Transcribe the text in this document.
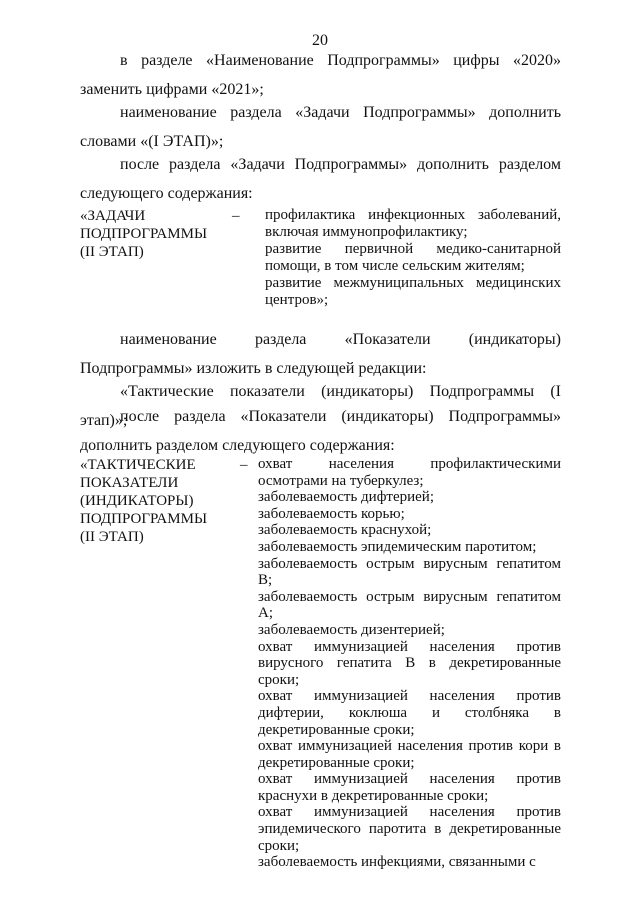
20

в разделе «Наименование Подпрограммы» цифры «2020» заменить цифрами «2021»;

наименование раздела «Задачи Подпрограммы» дополнить словами «(I ЭТАП)»;

после раздела «Задачи Подпрограммы» дополнить разделом следующего содержания:

«ЗАДАЧИ
ПОДПРОГРАММЫ
(II ЭТАП)
– профилактика инфекционных заболеваний, включая иммунопрофилактику;

развитие первичной медико-санитарной помощи, в том числе сельским жителям;

развитие межмуниципальных медицинских центров»;

наименование раздела «Показатели (индикаторы) Подпрограммы» изложить в следующей редакции:

«Тактические показатели (индикаторы) Подпрограммы (I этап)»;

после раздела «Показатели (индикаторы) Подпрограммы» дополнить разделом следующего содержания:

«ТАКТИЧЕСКИЕ
ПОКАЗАТЕЛИ
(ИНДИКАТОРЫ)
ПОДПРОГРАММЫ
(II ЭТАП)
– охват населения профилактическими осмотрами на туберкулез;

заболеваемость дифтерией;

заболеваемость корью;

заболеваемость краснухой;

заболеваемость эпидемическим паротитом;

заболеваемость острым вирусным гепатитом В;

заболеваемость острым вирусным гепатитом А;

заболеваемость дизентерией;

охват иммунизацией населения против вирусного гепатита В в декретированные сроки;

охват иммунизацией населения против дифтерии, коклюша и столбняка в декретированные сроки;

охват иммунизацией населения против кори в декретированные сроки;

охват иммунизацией населения против краснухи в декретированные сроки;

охват иммунизацией населения против эпидемического паротита в декретированные сроки;

заболеваемость инфекциями, связанными с
